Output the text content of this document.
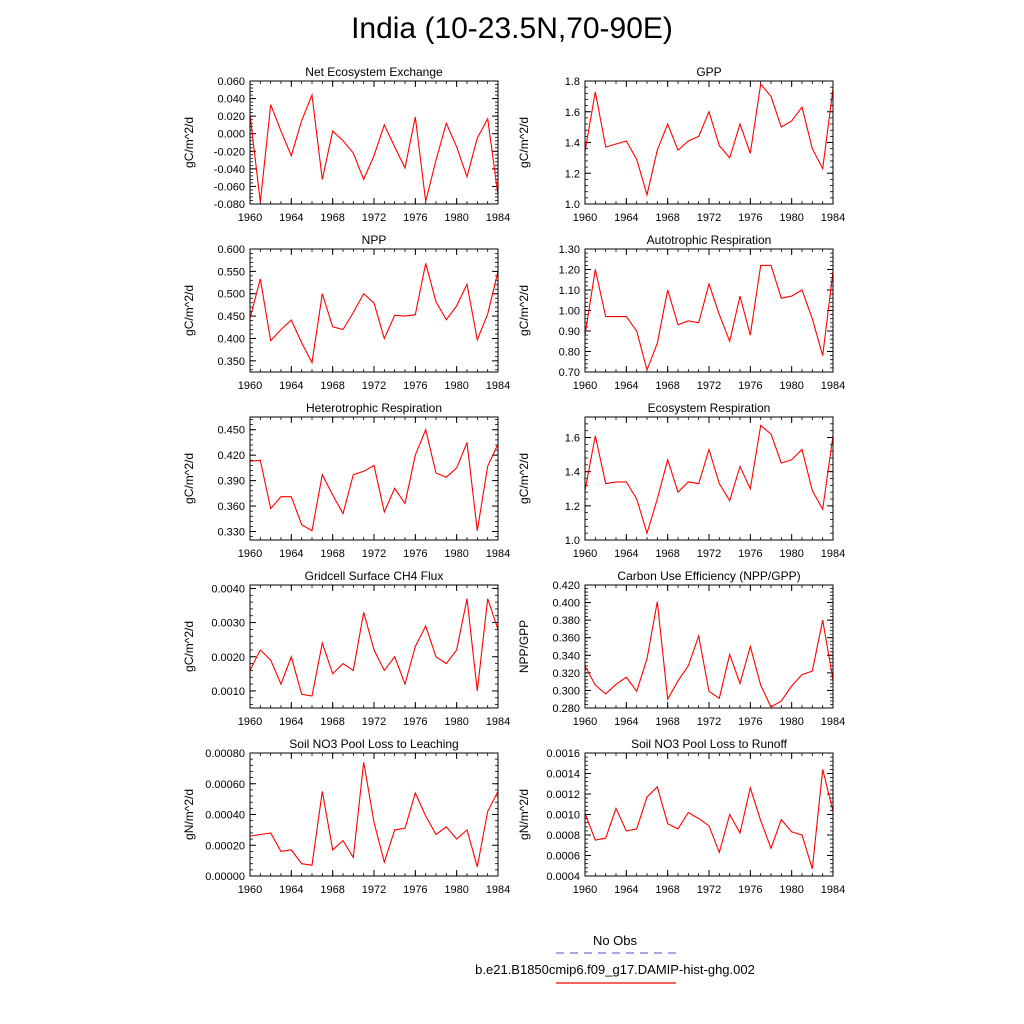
India (10-23.5N,70-90E)
Net Ecosystem Exchange
gC/m^2/d
1960 1964 1968 1972 1976 1980 1984
-0.080
-0.060
-0.040
-0.020
0.000
0.020
0.040
0.060
GPP
gC/m^2/d
1960 1964 1968 1972 1976 1980 1984
1.0
1.2
1.4
1.6
1.8
NPP
gC/m^2/d
1960 1964 1968 1972 1976 1980 1984
0.350
0.400
0.450
0.500
0.550
0.600
Autotrophic Respiration
gC/m^2/d
1960 1964 1968 1972 1976 1980 1984
0.70
0.80
0.90
1.00
1.10
1.20
1.30
Heterotrophic Respiration
gC/m^2/d
1960 1964 1968 1972 1976 1980 1984
0.330
0.360
0.390
0.420
0.450
Ecosystem Respiration
gC/m^2/d
1960 1964 1968 1972 1976 1980 1984
1.0
1.2
1.4
1.6
Gridcell Surface CH4 Flux
gC/m^2/d
1960 1964 1968 1972 1976 1980 1984
0.0010
0.0020
0.0030
0.0040
Carbon Use Efficiency (NPP/GPP)
NPP/GPP
1960 1964 1968 1972 1976 1980 1984
0.280
0.300
0.320
0.340
0.360
0.380
0.400
0.420
Soil NO3 Pool Loss to Leaching
gN/m^2/d
1960 1964 1968 1972 1976 1980 1984
0.00000
0.00020
0.00040
0.00060
0.00080
Soil NO3 Pool Loss to Runoff
gN/m^2/d
1960 1964 1968 1972 1976 1980 1984
0.0004
0.0006
0.0008
0.0010
0.0012
0.0014
0.0016
No Obs
b.e21.B1850cmip6.f09_g17.DAMIP-hist-ghg.002
